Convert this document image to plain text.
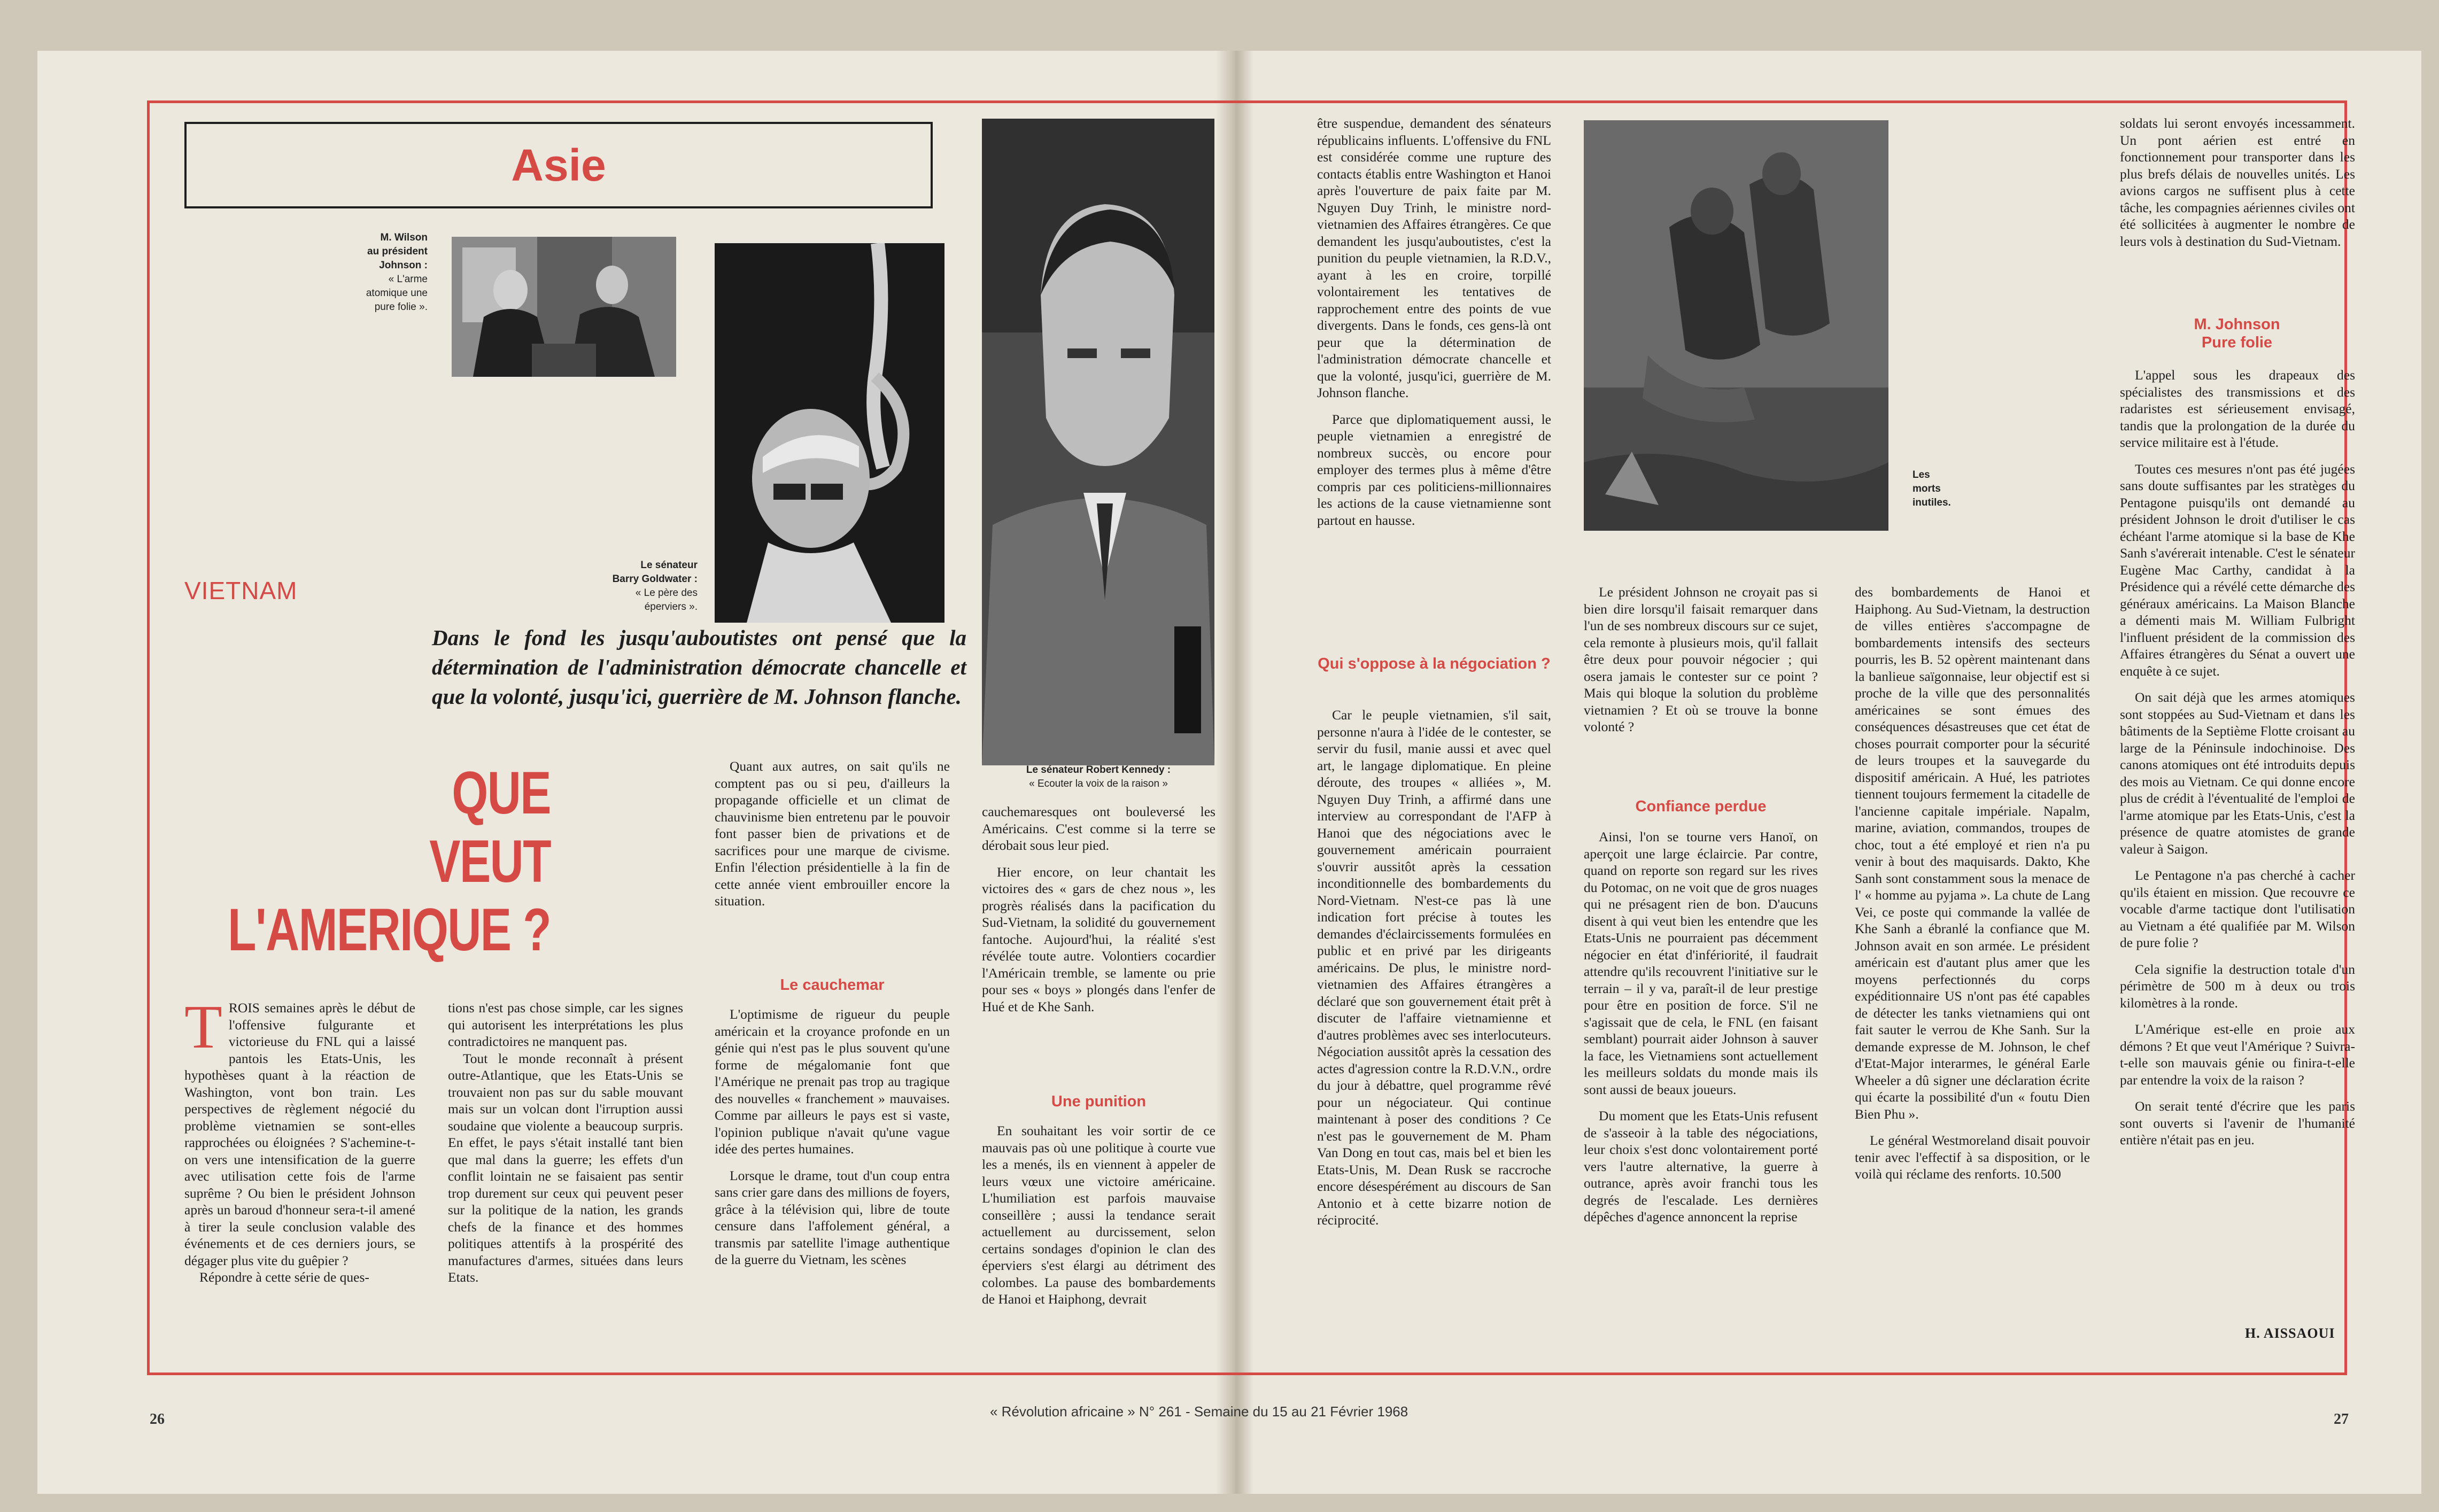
Asie
M. Wilson
au président Johnson :
« L'arme atomique une pure folie ».
Le sénateur
Barry Goldwater :
« Le père des éperviers ».
Le sénateur Robert Kennedy :
« Ecouter la voix de la raison »
Les morts inutiles.
VIETNAM
Dans le fond les jusqu'auboutistes ont pensé que la détermination de l'administration démocrate chancelle et que la volonté, jusqu'ici, guerrière de M. Johnson flanche.
QUE
VEUT
L'AMERIQUE ?

TROIS semaines après le début de l'offensive fulgurante et victorieuse du FNL qui a laissé pantois les Etats-Unis, les hypothèses quant à la réaction de Washington, vont bon train. Les perspectives de règlement négocié du problème vietnamien se sont-elles rapprochées ou éloignées ? S'achemine-t-on vers une intensification de la guerre avec utilisation cette fois de l'arme suprême ? Ou bien le président Johnson après un baroud d'honneur sera-t-il amené à tirer la seule conclusion valable des événements et de ces derniers jours, se dégager plus vite du guêpier ?

Répondre à cette série de ques-

tions n'est pas chose simple, car les signes qui autorisent les interprétations les plus contradictoires ne manquent pas.

Tout le monde reconnaît à présent outre-Atlantique, que les Etats-Unis se trouvaient non pas sur du sable mouvant mais sur un volcan dont l'irruption aussi soudaine que violente a beaucoup surpris. En effet, le pays s'était installé tant bien que mal dans la guerre; les effets d'un conflit lointain ne se faisaient pas sentir trop durement sur ceux qui peuvent peser sur la politique de la nation, les grands chefs de la finance et des hommes politiques attentifs à la prospérité des manufactures d'armes, situées dans leurs Etats.

Quant aux autres, on sait qu'ils ne comptent pas ou si peu, d'ailleurs la propagande officielle et un climat de chauvinisme bien entretenu par le pouvoir font passer bien de privations et de sacrifices pour une marque de civisme. Enfin l'élection présidentielle à la fin de cette année vient embrouiller encore la situation.

Le cauchemar

L'optimisme de rigueur du peuple américain et la croyance profonde en un génie qui n'est pas le plus souvent qu'une forme de mégalomanie font que l'Amérique ne prenait pas trop au tragique des nouvelles « franchement » mauvaises. Comme par ailleurs le pays est si vaste, l'opinion publique n'avait qu'une vague idée des pertes humaines.

Lorsque le drame, tout d'un coup entra sans crier gare dans des millions de foyers, grâce à la télévision qui, libre de toute censure dans l'affolement général, a transmis par satellite l'image authentique de la guerre du Vietnam, les scènes

cauchemaresques ont bouleversé les Américains. C'est comme si la terre se dérobait sous leur pied.

Hier encore, on leur chantait les victoires des « gars de chez nous », les progrès réalisés dans la pacification du Sud-Vietnam, la solidité du gouvernement fantoche. Aujourd'hui, la réalité s'est révélée toute autre. Volontiers cocardier l'Américain tremble, se lamente ou prie pour ses « boys » plongés dans l'enfer de Hué et de Khe Sanh.

Une punition

En souhaitant les voir sortir de ce mauvais pas où une politique à courte vue les a menés, ils en viennent à appeler de leurs vœux une victoire américaine. L'humiliation est parfois mauvaise conseillère ; aussi la tendance serait actuellement au durcissement, selon certains sondages d'opinion le clan des éperviers s'est élargi au détriment des colombes. La pause des bombardements de Hanoi et Haiphong, devrait

être suspendue, demandent des sénateurs républicains influents. L'offensive du FNL est considérée comme une rupture des contacts établis entre Washington et Hanoi après l'ouverture de paix faite par M. Nguyen Duy Trinh, le ministre nord-vietnamien des Affaires étrangères. Ce que demandent les jusqu'auboutistes, c'est la punition du peuple vietnamien, la R.D.V., ayant à les en croire, torpillé volontairement les tentatives de rapprochement entre des points de vue divergents. Dans le fonds, ces gens-là ont peur que la détermination de l'administration démocrate chancelle et que la volonté, jusqu'ici, guerrière de M. Johnson flanche.

Parce que diplomatiquement aussi, le peuple vietnamien a enregistré de nombreux succès, ou encore pour employer des termes plus à même d'être compris par ces politiciens-millionnaires les actions de la cause vietnamienne sont partout en hausse.

Qui s'oppose à la négociation ?

Car le peuple vietnamien, s'il sait, personne n'aura à l'idée de le contester, se servir du fusil, manie aussi et avec quel art, le langage diplomatique. En pleine déroute, des troupes « alliées », M. Nguyen Duy Trinh, a affirmé dans une interview au correspondant de l'AFP à Hanoi que des négociations avec le gouvernement américain pourraient s'ouvrir aussitôt après la cessation inconditionnelle des bombardements du Nord-Vietnam. N'est-ce pas là une indication fort précise à toutes les demandes d'éclaircissements formulées en public et en privé par les dirigeants américains. De plus, le ministre nord-vietnamien des Affaires étrangères a déclaré que son gouvernement était prêt à discuter de l'affaire vietnamienne et d'autres problèmes avec ses interlocuteurs. Négociation aussitôt après la cessation des actes d'agression contre la R.D.V.N., ordre du jour à débattre, quel programme rêvé pour un négociateur. Qui continue maintenant à poser des conditions ? Ce n'est pas le gouvernement de M. Pham Van Dong en tout cas, mais bel et bien les Etats-Unis, M. Dean Rusk se raccroche encore désespérément au discours de San Antonio et à cette bizarre notion de réciprocité.

Le président Johnson ne croyait pas si bien dire lorsqu'il faisait remarquer dans l'un de ses nombreux discours sur ce sujet, cela remonte à plusieurs mois, qu'il fallait être deux pour pouvoir négocier ; qui osera jamais le contester sur ce point ? Mais qui bloque la solution du problème vietnamien ? Et où se trouve la bonne volonté ?

Confiance perdue

Ainsi, l'on se tourne vers Hanoï, on aperçoit une large éclaircie. Par contre, quand on reporte son regard sur les rives du Potomac, on ne voit que de gros nuages qui ne présagent rien de bon. D'aucuns disent à qui veut bien les entendre que les Etats-Unis ne pourraient pas décemment négocier en état d'infériorité, il faudrait attendre qu'ils recouvrent l'initiative sur le terrain – il y va, paraît-il de leur prestige pour être en position de force. S'il ne s'agissait que de cela, le FNL (en faisant semblant) pourrait aider Johnson à sauver la face, les Vietnamiens sont actuellement les meilleurs soldats du monde mais ils sont aussi de beaux joueurs.

Du moment que les Etats-Unis refusent de s'asseoir à la table des négociations, leur choix s'est donc volontairement porté vers l'autre alternative, la guerre à outrance, après avoir franchi tous les degrés de l'escalade. Les dernières dépêches d'agence annoncent la reprise

des bombardements de Hanoi et Haiphong. Au Sud-Vietnam, la destruction de villes entières s'accompagne de bombardements intensifs des secteurs pourris, les B. 52 opèrent maintenant dans la banlieue saïgonnaise, leur objectif est si proche de la ville que des personnalités américaines se sont émues des conséquences désastreuses que cet état de choses pourrait comporter pour la sécurité de leurs troupes et la sauvegarde du dispositif américain. A Hué, les patriotes tiennent toujours fermement la citadelle de l'ancienne capitale impériale. Napalm, marine, aviation, commandos, troupes de choc, tout a été employé et rien n'a pu venir à bout des maquisards. Dakto, Khe Sanh sont constamment sous la menace de l' « homme au pyjama ». La chute de Lang Vei, ce poste qui commande la vallée de Khe Sanh a ébranlé la confiance que M. Johnson avait en son armée. Le président américain est d'autant plus amer que les moyens perfectionnés du corps expéditionnaire US n'ont pas été capables de détecter les tanks vietnamiens qui ont fait sauter le verrou de Khe Sanh. Sur la demande expresse de M. Johnson, le chef d'Etat-Major interarmes, le général Earle Wheeler a dû signer une déclaration écrite qui écarte la possibilité d'un « foutu Dien Bien Phu ».

Le général Westmoreland disait pouvoir tenir avec l'effectif à sa disposition, or le voilà qui réclame des renforts. 10.500

soldats lui seront envoyés incessamment. Un pont aérien est entré en fonctionnement pour transporter dans les plus brefs délais de nouvelles unités. Les avions cargos ne suffisent plus à cette tâche, les compagnies aériennes civiles ont été sollicitées à augmenter le nombre de leurs vols à destination du Sud-Vietnam.

M. Johnson Pure folie

L'appel sous les drapeaux des spécialistes des transmissions et des radaristes est sérieusement envisagé, tandis que la prolongation de la durée du service militaire est à l'étude.

Toutes ces mesures n'ont pas été jugées sans doute suffisantes par les stratèges du Pentagone puisqu'ils ont demandé au président Johnson le droit d'utiliser le cas échéant l'arme atomique si la base de Khe Sanh s'avérerait intenable. C'est le sénateur Eugène Mac Carthy, candidat à la Présidence qui a révélé cette démarche des généraux américains. La Maison Blanche a démenti mais M. William Fulbright l'influent président de la commission des Affaires étrangères du Sénat a ouvert une enquête à ce sujet.

On sait déjà que les armes atomiques sont stoppées au Sud-Vietnam et dans les bâtiments de la Septième Flotte croisant au large de la Péninsule indochinoise. Des canons atomiques ont été introduits depuis des mois au Vietnam. Ce qui donne encore plus de crédit à l'éventualité de l'emploi de l'arme atomique par les Etats-Unis, c'est la présence de quatre atomistes de grande valeur à Saigon.

Le Pentagone n'a pas cherché à cacher qu'ils étaient en mission. Que recouvre ce vocable d'arme tactique dont l'utilisation au Vietnam a été qualifiée par M. Wilson de pure folie ?

Cela signifie la destruction totale d'un périmètre de 500 m à deux ou trois kilomètres à la ronde.

L'Amérique est-elle en proie aux démons ? Et que veut l'Amérique ? Suivra-t-elle son mauvais génie ou finira-t-elle par entendre la voix de la raison ?

On serait tenté d'écrire que les paris sont ouverts si l'avenir de l'humanité entière n'était pas en jeu.

H. AISSAOUI
26	« Révolution africaine » N° 261 - Semaine du 15 au 21 Février 1968	27
